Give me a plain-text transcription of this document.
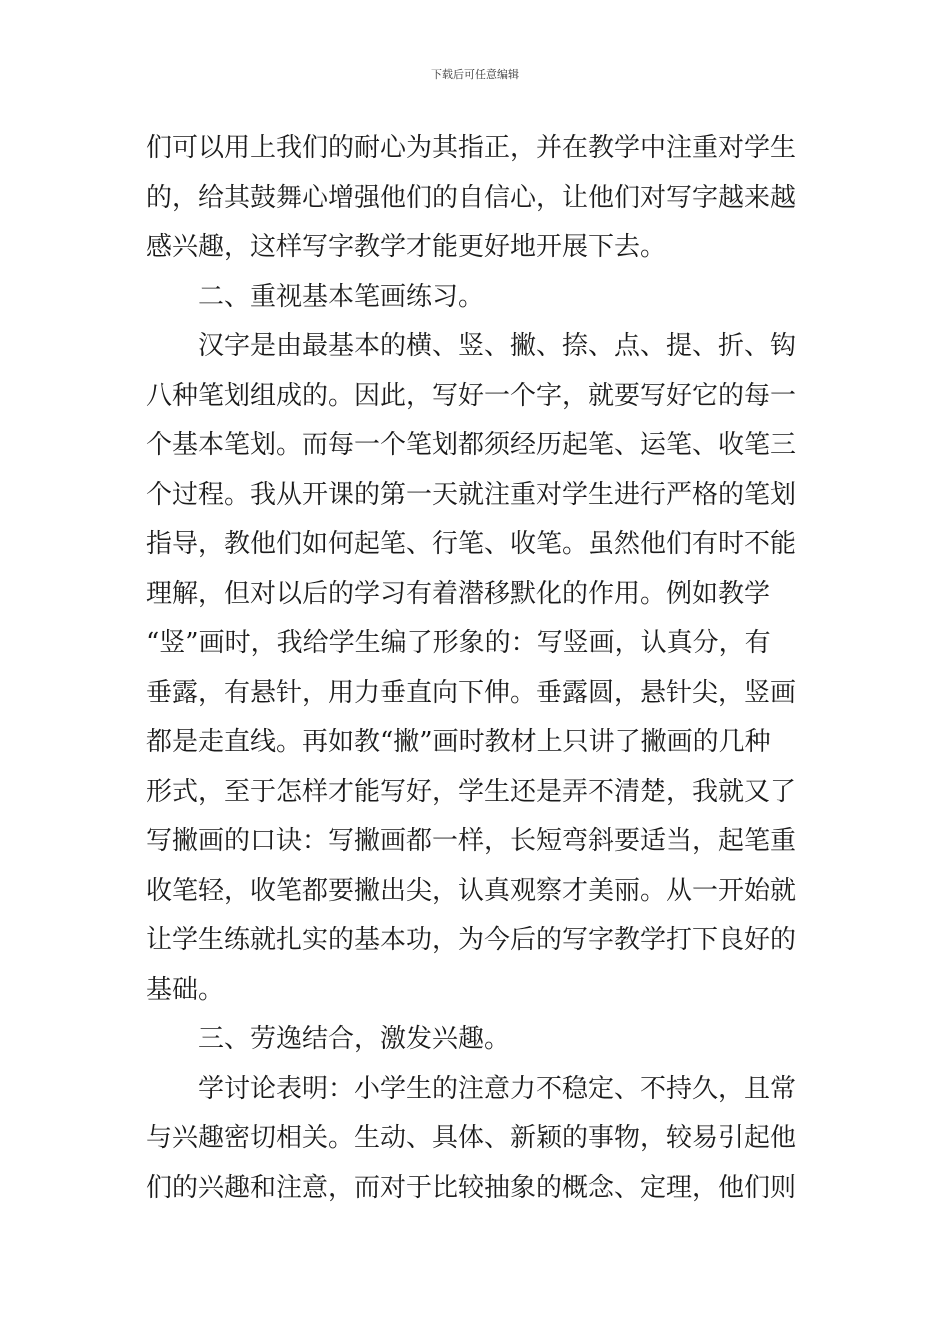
下载后可任意编辑
们可以用上我们的耐心为其指正，并在教学中注重对学生
的，给其鼓舞心增强他们的自信心，让他们对写字越来越
感兴趣，这样写字教学才能更好地开展下去。
二、重视基本笔画练习。
汉字是由最基本的横、竖、撇、捺、点、提、折、钩
八种笔划组成的。因此，写好一个字，就要写好它的每一
个基本笔划。而每一个笔划都须经历起笔、运笔、收笔三
个过程。我从开课的第一天就注重对学生进行严格的笔划
指导，教他们如何起笔、行笔、收笔。虽然他们有时不能
理解，但对以后的学习有着潜移默化的作用。例如教学
“竖”画时，我给学生编了形象的：写竖画，认真分，有
垂露，有悬针，用力垂直向下伸。垂露圆，悬针尖，竖画
都是走直线。再如教“撇”画时教材上只讲了撇画的几种
形式，至于怎样才能写好，学生还是弄不清楚，我就又了
写撇画的口诀：写撇画都一样，长短弯斜要适当，起笔重
收笔轻，收笔都要撇出尖，认真观察才美丽。从一开始就
让学生练就扎实的基本功，为今后的写字教学打下良好的
基础。
三、劳逸结合，激发兴趣。
学讨论表明：小学生的注意力不稳定、不持久，且常
与兴趣密切相关。生动、具体、新颖的事物，较易引起他
们的兴趣和注意，而对于比较抽象的概念、定理，他们则
